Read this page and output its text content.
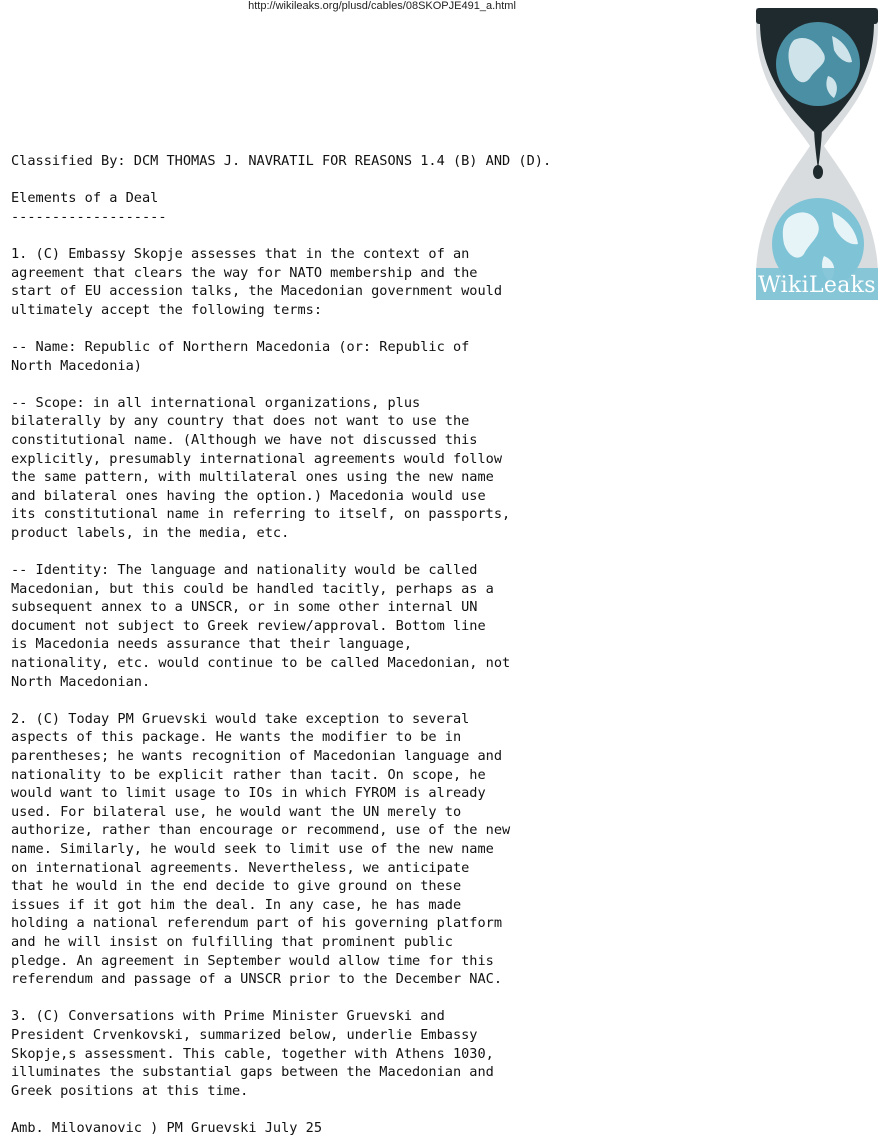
http://wikileaks.org/plusd/cables/08SKOPJE491_a.html
WikiLeaks
Classified By: DCM THOMAS J. NAVRATIL FOR REASONS 1.4 (B) AND (D).
Elements of a Deal
-------------------
1. (C) Embassy Skopje assesses that in the context of an
agreement that clears the way for NATO membership and the
start of EU accession talks, the Macedonian government would
ultimately accept the following terms:
-- Name: Republic of Northern Macedonia (or: Republic of
North Macedonia)
-- Scope: in all international organizations, plus
bilaterally by any country that does not want to use the
constitutional name. (Although we have not discussed this
explicitly, presumably international agreements would follow
the same pattern, with multilateral ones using the new name
and bilateral ones having the option.) Macedonia would use
its constitutional name in referring to itself, on passports,
product labels, in the media, etc.
-- Identity: The language and nationality would be called
Macedonian, but this could be handled tacitly, perhaps as a
subsequent annex to a UNSCR, or in some other internal UN
document not subject to Greek review/approval. Bottom line
is Macedonia needs assurance that their language,
nationality, etc. would continue to be called Macedonian, not
North Macedonian.
2. (C) Today PM Gruevski would take exception to several
aspects of this package. He wants the modifier to be in
parentheses; he wants recognition of Macedonian language and
nationality to be explicit rather than tacit. On scope, he
would want to limit usage to IOs in which FYROM is already
used. For bilateral use, he would want the UN merely to
authorize, rather than encourage or recommend, use of the new
name. Similarly, he would seek to limit use of the new name
on international agreements. Nevertheless, we anticipate
that he would in the end decide to give ground on these
issues if it got him the deal. In any case, he has made
holding a national referendum part of his governing platform
and he will insist on fulfilling that prominent public
pledge. An agreement in September would allow time for this
referendum and passage of a UNSCR prior to the December NAC.
3. (C) Conversations with Prime Minister Gruevski and
President Crvenkovski, summarized below, underlie Embassy
Skopje,s assessment. This cable, together with Athens 1030,
illuminates the substantial gaps between the Macedonian and
Greek positions at this time.
Amb. Milovanovic ) PM Gruevski July 25
